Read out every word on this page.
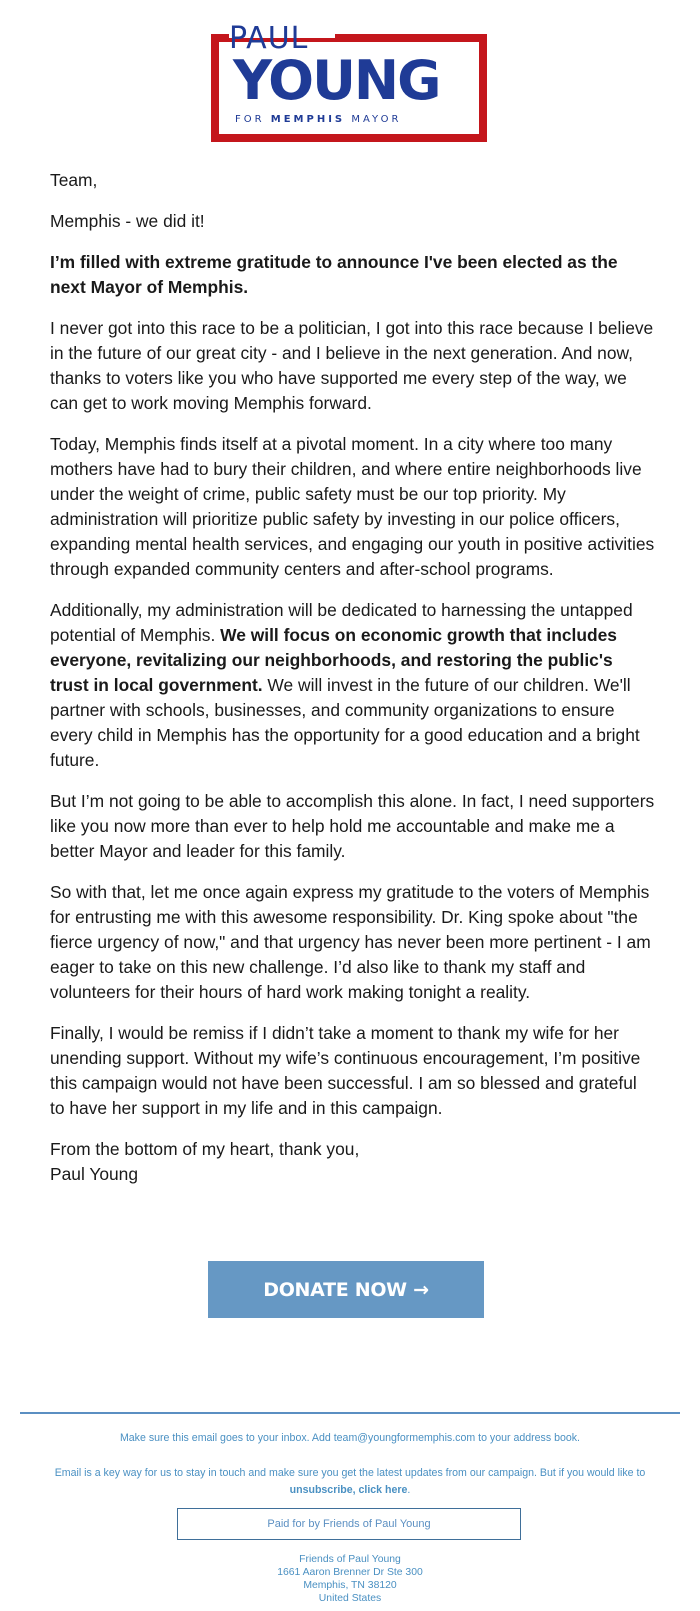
PAUL
YOUNG
FOR MEMPHIS MAYOR

Team,

Memphis - we did it!

I’m filled with extreme gratitude to announce I've been elected as the next Mayor of Memphis.

I never got into this race to be a politician, I got into this race because I believe in the future of our great city - and I believe in the next generation. And now, thanks to voters like you who have supported me every step of the way, we can get to work moving Memphis forward.

Today, Memphis finds itself at a pivotal moment. In a city where too many mothers have had to bury their children, and where entire neighborhoods live under the weight of crime, public safety must be our top priority. My administration will prioritize public safety by investing in our police officers, expanding mental health services, and engaging our youth in positive activities through expanded community centers and after-school programs.

Additionally, my administration will be dedicated to harnessing the untapped potential of Memphis. We will focus on economic growth that includes everyone, revitalizing our neighborhoods, and restoring the public's trust in local government. We will invest in the future of our children. We'll partner with schools, businesses, and community organizations to ensure every child in Memphis has the opportunity for a good education and a bright future.

But I’m not going to be able to accomplish this alone. In fact, I need supporters like you now more than ever to help hold me accountable and make me a better Mayor and leader for this family.

So with that, let me once again express my gratitude to the voters of Memphis for entrusting me with this awesome responsibility. Dr. King spoke about "the fierce urgency of now," and that urgency has never been more pertinent - I am eager to take on this new challenge. I’d also like to thank my staff and volunteers for their hours of hard work making tonight a reality.

Finally, I would be remiss if I didn’t take a moment to thank my wife for her unending support. Without my wife’s continuous encouragement, I’m positive this campaign would not have been successful. I am so blessed and grateful to have her support in my life and in this campaign.

From the bottom of my heart, thank you,
Paul Young

DONATE NOW →
Make sure this email goes to your inbox. Add team@youngformemphis.com to your address book.
Email is a key way for us to stay in touch and make sure you get the latest updates from our campaign. But if you would like to
unsubscribe, click here.
Paid for by Friends of Paul Young
Friends of Paul Young
1661 Aaron Brenner Dr Ste 300
Memphis, TN 38120
United States
